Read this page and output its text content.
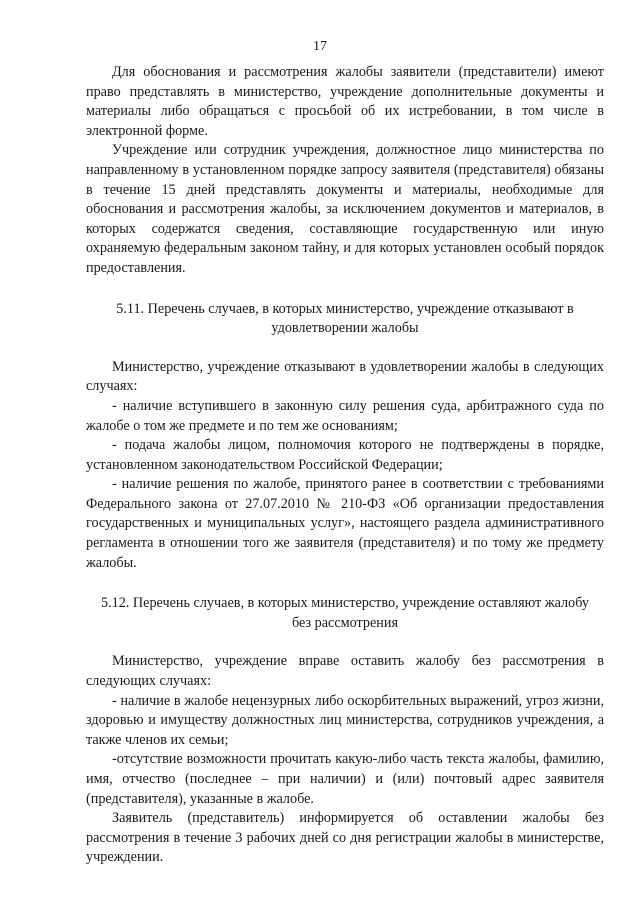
17

Для обоснования и рассмотрения жалобы заявители (представители) имеют право представлять в министерство, учреждение дополнительные документы и материалы либо обращаться с просьбой об их истребовании, в том числе в электронной форме.

Учреждение или сотрудник учреждения, должностное лицо министерства по направленному в установленном порядке запросу заявителя (представителя) обязаны в течение 15 дней представлять документы и материалы, необходимые для обоснования и рассмотрения жалобы, за исключением документов и материалов, в которых содержатся сведения, составляющие государственную или иную охраняемую федеральным законом тайну, и для которых установлен особый порядок предоставления.

5.11. Перечень случаев, в которых министерство, учреждение отказывают в удовлетворении жалобы

Министерство, учреждение отказывают в удовлетворении жалобы в следующих случаях:

- наличие вступившего в законную силу решения суда, арбитражного суда по жалобе о том же предмете и по тем же основаниям;

- подача жалобы лицом, полномочия которого не подтверждены в порядке, установленном законодательством Российской Федерации;

- наличие решения по жалобе, принятого ранее в соответствии с требованиями Федерального закона от 27.07.2010 № 210-ФЗ «Об организации предоставления государственных и муниципальных услуг», настоящего раздела административного регламента в отношении того же заявителя (представителя) и по тому же предмету жалобы.

5.12. Перечень случаев, в которых министерство, учреждение оставляют жалобу без рассмотрения

Министерство, учреждение вправе оставить жалобу без рассмотрения в следующих случаях:

- наличие в жалобе нецензурных либо оскорбительных выражений, угроз жизни, здоровью и имуществу должностных лиц министерства, сотрудников учреждения, а также членов их семьи;

-отсутствие возможности прочитать какую-либо часть текста жалобы, фамилию, имя, отчество (последнее – при наличии) и (или) почтовый адрес заявителя (представителя), указанные в жалобе.

Заявитель (представитель) информируется об оставлении жалобы без рассмотрения в течение 3 рабочих дней со дня регистрации жалобы в министерстве, учреждении.
